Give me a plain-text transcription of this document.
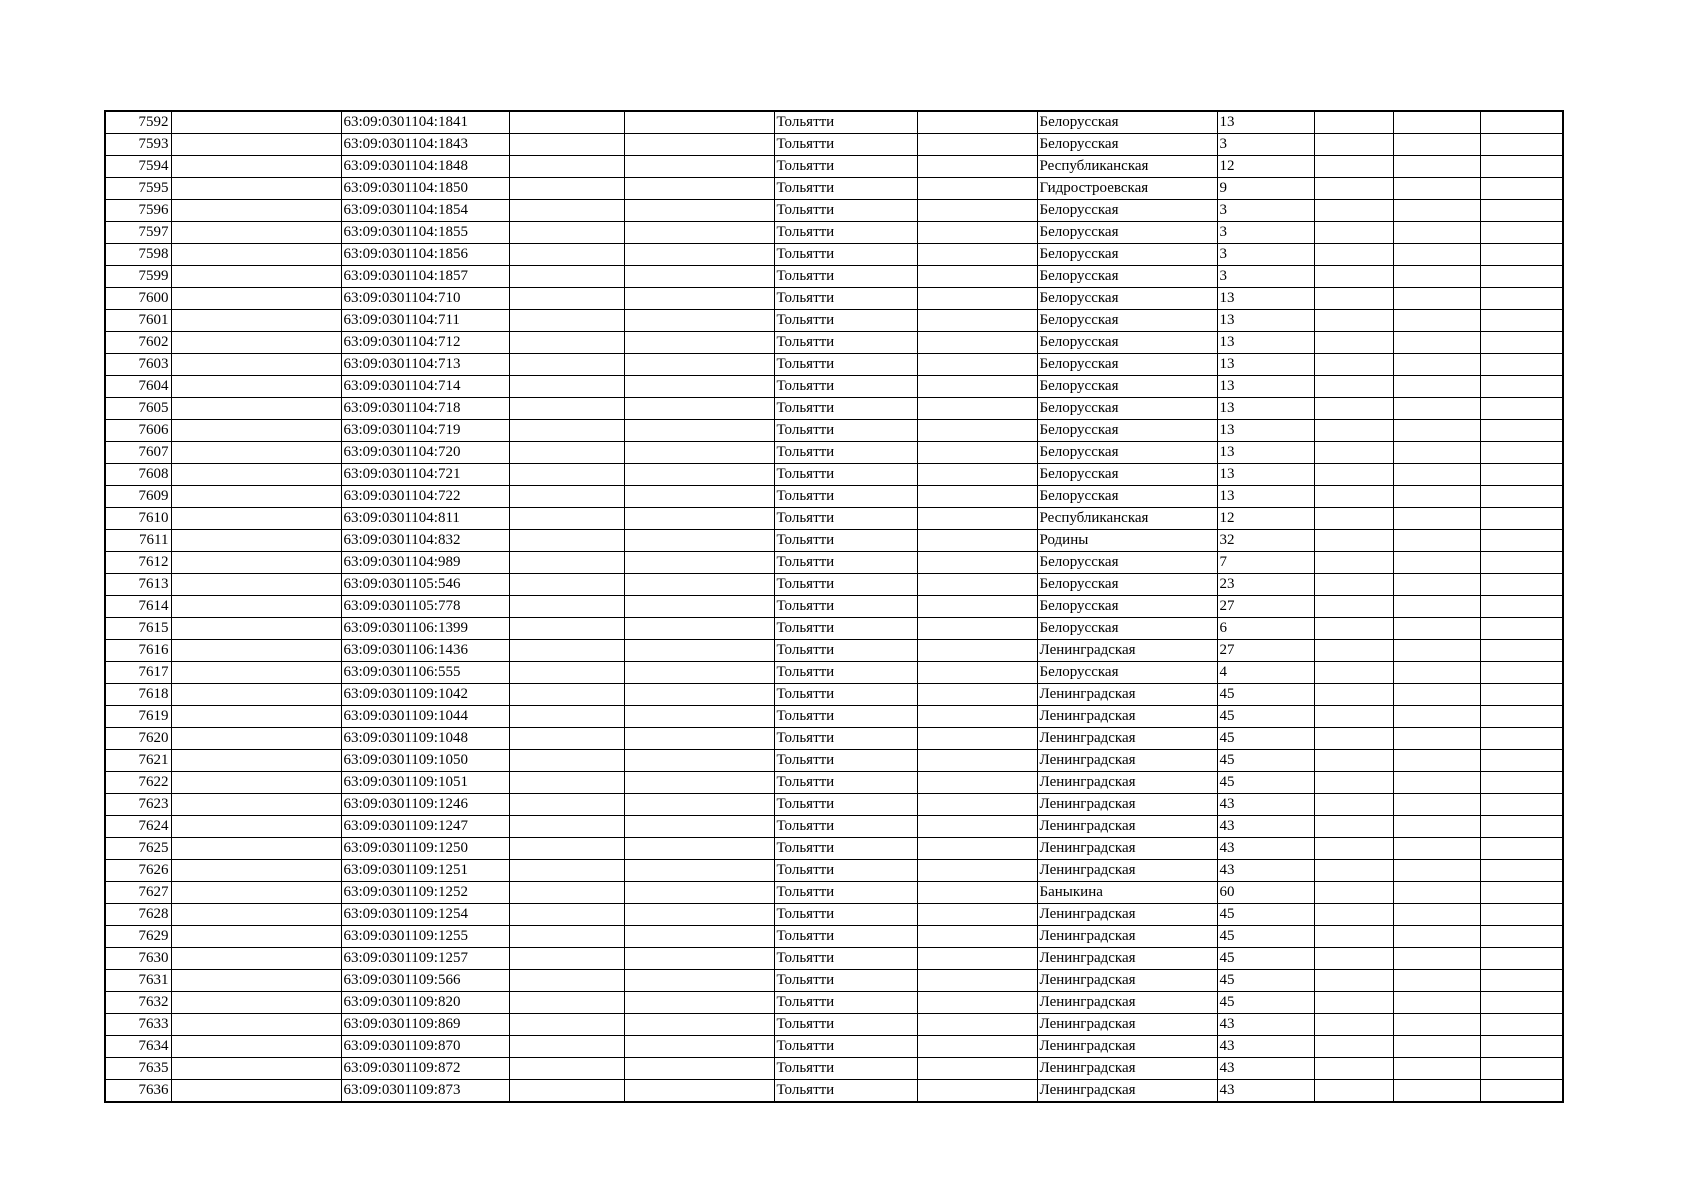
7592		63:09:0301104:1841			Тольятти		Белорусская	13			
7593		63:09:0301104:1843			Тольятти		Белорусская	3			
7594		63:09:0301104:1848			Тольятти		Республиканская	12			
7595		63:09:0301104:1850			Тольятти		Гидростроевская	9			
7596		63:09:0301104:1854			Тольятти		Белорусская	3			
7597		63:09:0301104:1855			Тольятти		Белорусская	3			
7598		63:09:0301104:1856			Тольятти		Белорусская	3			
7599		63:09:0301104:1857			Тольятти		Белорусская	3			
7600		63:09:0301104:710			Тольятти		Белорусская	13			
7601		63:09:0301104:711			Тольятти		Белорусская	13			
7602		63:09:0301104:712			Тольятти		Белорусская	13			
7603		63:09:0301104:713			Тольятти		Белорусская	13			
7604		63:09:0301104:714			Тольятти		Белорусская	13			
7605		63:09:0301104:718			Тольятти		Белорусская	13			
7606		63:09:0301104:719			Тольятти		Белорусская	13			
7607		63:09:0301104:720			Тольятти		Белорусская	13			
7608		63:09:0301104:721			Тольятти		Белорусская	13			
7609		63:09:0301104:722			Тольятти		Белорусская	13			
7610		63:09:0301104:811			Тольятти		Республиканская	12			
7611		63:09:0301104:832			Тольятти		Родины	32			
7612		63:09:0301104:989			Тольятти		Белорусская	7			
7613		63:09:0301105:546			Тольятти		Белорусская	23			
7614		63:09:0301105:778			Тольятти		Белорусская	27			
7615		63:09:0301106:1399			Тольятти		Белорусская	6			
7616		63:09:0301106:1436			Тольятти		Ленинградская	27			
7617		63:09:0301106:555			Тольятти		Белорусская	4			
7618		63:09:0301109:1042			Тольятти		Ленинградская	45			
7619		63:09:0301109:1044			Тольятти		Ленинградская	45			
7620		63:09:0301109:1048			Тольятти		Ленинградская	45			
7621		63:09:0301109:1050			Тольятти		Ленинградская	45			
7622		63:09:0301109:1051			Тольятти		Ленинградская	45			
7623		63:09:0301109:1246			Тольятти		Ленинградская	43			
7624		63:09:0301109:1247			Тольятти		Ленинградская	43			
7625		63:09:0301109:1250			Тольятти		Ленинградская	43			
7626		63:09:0301109:1251			Тольятти		Ленинградская	43			
7627		63:09:0301109:1252			Тольятти		Баныкина	60			
7628		63:09:0301109:1254			Тольятти		Ленинградская	45			
7629		63:09:0301109:1255			Тольятти		Ленинградская	45			
7630		63:09:0301109:1257			Тольятти		Ленинградская	45			
7631		63:09:0301109:566			Тольятти		Ленинградская	45			
7632		63:09:0301109:820			Тольятти		Ленинградская	45			
7633		63:09:0301109:869			Тольятти		Ленинградская	43			
7634		63:09:0301109:870			Тольятти		Ленинградская	43			
7635		63:09:0301109:872			Тольятти		Ленинградская	43			
7636		63:09:0301109:873			Тольятти		Ленинградская	43			
